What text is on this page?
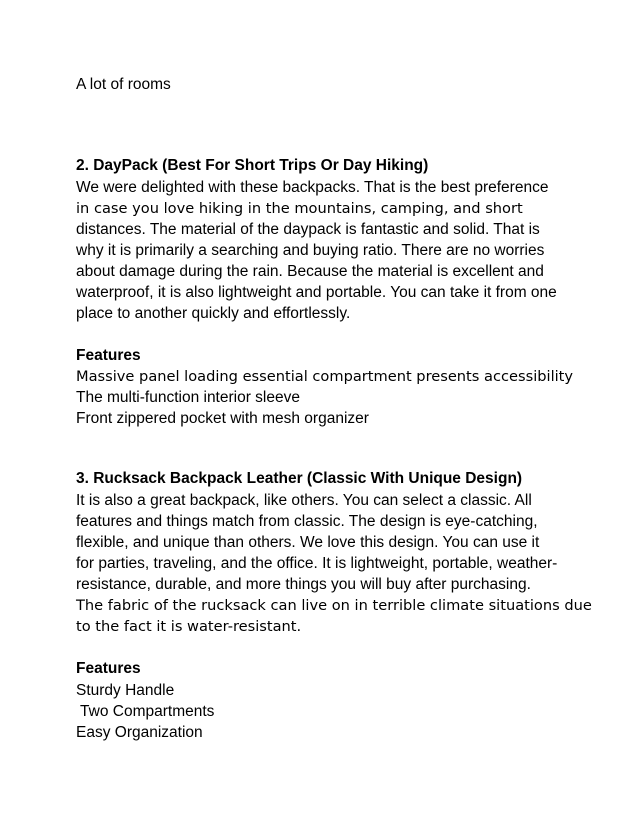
A lot of rooms
2. DayPack (Best For Short Trips Or Day Hiking)
We were delighted with these backpacks. That is the best preference
in case you love hiking in the mountains, camping, and short
distances. The material of the daypack is fantastic and solid. That is
why it is primarily a searching and buying ratio. There are no worries
about damage during the rain. Because the material is excellent and
waterproof, it is also lightweight and portable. You can take it from one
place to another quickly and effortlessly.
Features
Massive panel loading essential compartment presents accessibility
The multi-function interior sleeve
Front zippered pocket with mesh organizer
3. Rucksack Backpack Leather (Classic With Unique Design)
It is also a great backpack, like others. You can select a classic. All
features and things match from classic. The design is eye-catching,
flexible, and unique than others. We love this design. You can use it
for parties, traveling, and the office. It is lightweight, portable, weather-
resistance, durable, and more things you will buy after purchasing.
The fabric of the rucksack can live on in terrible climate situations due
to the fact it is water-resistant.
Features
Sturdy Handle
Two Compartments
Easy Organization
